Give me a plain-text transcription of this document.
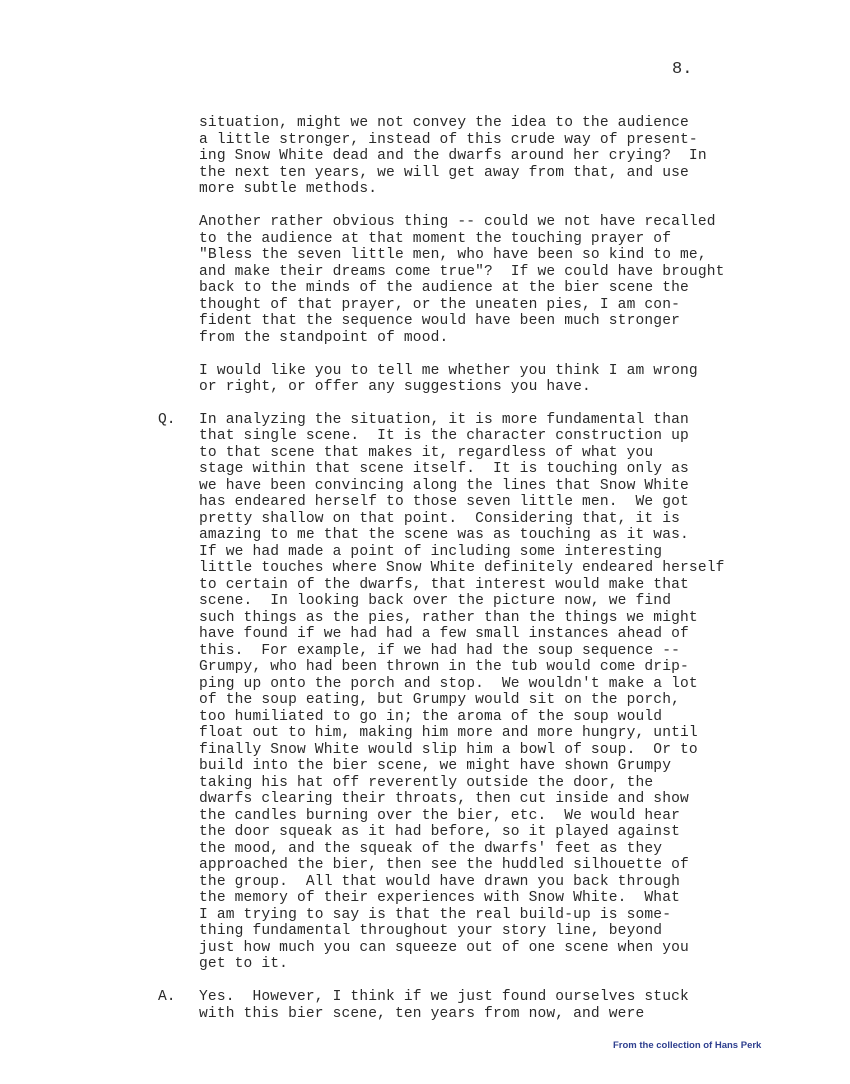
8.
situation, might we not convey the idea to the audience
a little stronger, instead of this crude way of present-
ing Snow White dead and the dwarfs around her crying?  In
the next ten years, we will get away from that, and use
more subtle methods.
Another rather obvious thing -- could we not have recalled
to the audience at that moment the touching prayer of
"Bless the seven little men, who have been so kind to me,
and make their dreams come true"?  If we could have brought
back to the minds of the audience at the bier scene the
thought of that prayer, or the uneaten pies, I am con-
fident that the sequence would have been much stronger
from the standpoint of mood.
I would like you to tell me whether you think I am wrong
or right, or offer any suggestions you have.
Q. In analyzing the situation, it is more fundamental than
that single scene.  It is the character construction up
to that scene that makes it, regardless of what you
stage within that scene itself.  It is touching only as
we have been convincing along the lines that Snow White
has endeared herself to those seven little men.  We got
pretty shallow on that point.  Considering that, it is
amazing to me that the scene was as touching as it was.
If we had made a point of including some interesting
little touches where Snow White definitely endeared herself
to certain of the dwarfs, that interest would make that
scene.  In looking back over the picture now, we find
such things as the pies, rather than the things we might
have found if we had had a few small instances ahead of
this.  For example, if we had had the soup sequence --
Grumpy, who had been thrown in the tub would come drip-
ping up onto the porch and stop.  We wouldn't make a lot
of the soup eating, but Grumpy would sit on the porch,
too humiliated to go in; the aroma of the soup would
float out to him, making him more and more hungry, until
finally Snow White would slip him a bowl of soup.  Or to
build into the bier scene, we might have shown Grumpy
taking his hat off reverently outside the door, the
dwarfs clearing their throats, then cut inside and show
the candles burning over the bier, etc.  We would hear
the door squeak as it had before, so it played against
the mood, and the squeak of the dwarfs' feet as they
approached the bier, then see the huddled silhouette of
the group.  All that would have drawn you back through
the memory of their experiences with Snow White.  What
I am trying to say is that the real build-up is some-
thing fundamental throughout your story line, beyond
just how much you can squeeze out of one scene when you
get to it.
A. Yes.  However, I think if we just found ourselves stuck
with this bier scene, ten years from now, and were
From the collection of Hans Perk
